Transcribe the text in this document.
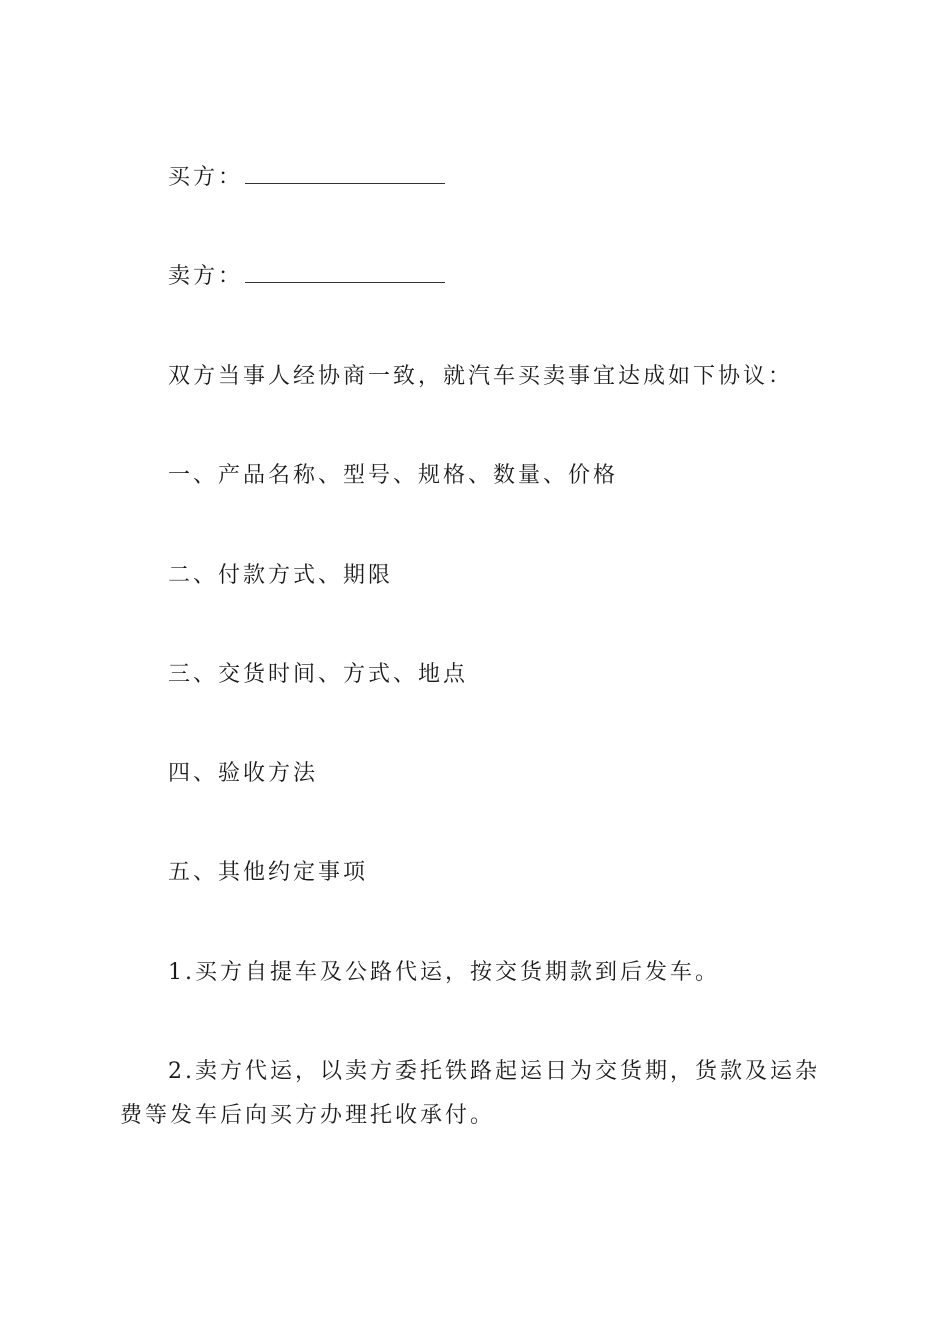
买方：
卖方：
双方当事人经协商一致，就汽车买卖事宜达成如下协议：
一、产品名称、型号、规格、数量、价格
二、付款方式、期限
三、交货时间、方式、地点
四、验收方法
五、其他约定事项
1.买方自提车及公路代运，按交货期款到后发车。
2.卖方代运，以卖方委托铁路起运日为交货期，货款及运杂费等发车后向买方办理托收承付。
